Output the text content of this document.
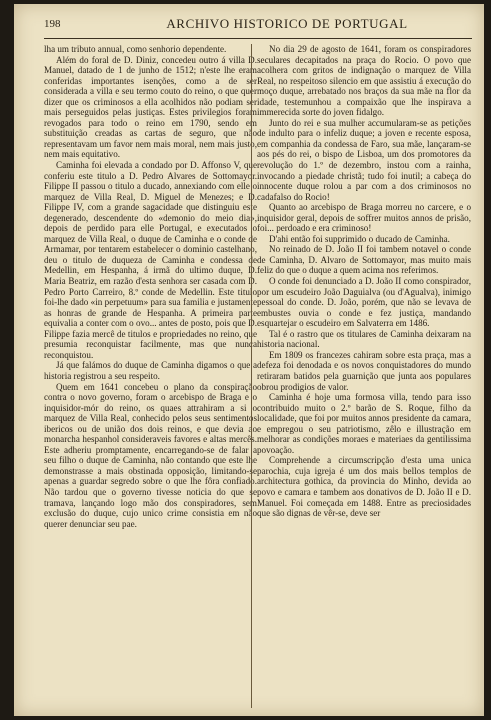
198	ARCHIVO HISTORICO DE PORTUGAL

lha um tributo annual, como senhorio dependente.

Além do foral de D. Diniz, concedeu outro á villa D. Manuel, datado de 1 de junho de 1512; n'este lhe eram conferidas importantes isenções, como a de ser considerada a villa e seu termo couto do reino, o que quer dizer que os criminosos a ella acolhidos não podiam ser mais perseguidos pelas justiças. Estes privilegios foram revogados para todo o reino em 1790, sendo em substituição creadas as cartas de seguro, que não representavam um favor nem mais moral, nem mais justo, nem mais equitativo.

Caminha foi elevada a condado por D. Affonso V, que conferiu este titulo a D. Pedro Alvares de Sottomayor. Filippe II passou o titulo a ducado, annexiando com elle o marquez de Villa Real, D. Miguel de Menezes; e D. Filippe IV, com a grande sagacidade que distinguiu este degenerado, descendente do «demonio do meio dia», depois de perdido para elle Portugal, e executados o marquez de Villa Real, o duque de Caminha e o conde de Armamar, por tentarem estabelecer o dominio castelhano, deu o titulo de duqueza de Caminha e condessa de Medellin, em Hespanha, á irmã do ultimo duque, D. Maria Beatriz, em razão d'esta senhora ser casada com D. Pedro Porto Carreiro, 8.º conde de Medellin. Este titulo foi-lhe dado «in perpetuum» para sua familia e justamente as honras de grande de Hespanha. A primeira parte equivalia a conter com o ovo... antes de posto, pois que D. Filippe fazia mercê de titulos e propriedades no reino, que presumia reconquistar facilmente, mas que nunca reconquistou.

Já que falámos do duque de Caminha digamos o que a historia registrou a seu respeito.

Quem em 1641 concebeu o plano da conspiração contra o novo governo, foram o arcebispo de Braga e o inquisidor-mór do reino, os quaes attrahiram a si o marquez de Villa Real, conhecido pelos seus sentimentos ibericos ou de união dos dois reinos, e que devia ao monarcha hespanhol consideraveis favores e altas mercês. Este adheriu promptamente, encarregando-se de falar a seu filho o duque de Caminha, não contando que este lhe demonstrasse a mais obstinada opposição, limitando-se apenas a guardar segredo sobre o que lhe fôra confiado. Não tardou que o governo tivesse noticia do que se tramava, lançando logo mão dos conspiradores, sem exclusão do duque, cujo unico crime consistia em não querer denunciar seu pae.

No dia 29 de agosto de 1641, foram os conspiradores seculares decapitados na praça do Rocio. O povo que acolhera com gritos de indignação o marquez de Villa Real, no respeitoso silencio em que assistiu á execução do moço duque, arrebatado nos braços da sua mãe na flor da idade, testemunhou a compaixão que lhe inspirava a immerecida sorte do joven fidalgo.

Junto do rei e sua mulher accumularam-se as petições de indulto para o infeliz duque; a joven e recente esposa, em companhia da condessa de Faro, sua mãe, lançaram-se aos pés do rei, o bispo de Lisboa, um dos promotores da revolução do 1.º de dezembro, instou com a rainha, invocando a piedade christã; tudo foi inutil; a cabeça do innocente duque rolou a par com a dos criminosos no cadafalso do Rocio!

Quanto ao arcebispo de Braga morreu no carcere, e o inquisidor geral, depois de soffrer muitos annos de prisão, foi... perdoado e era criminoso!

D'ahi então foi supprimido o ducado de Caminha.

No reinado de D. João II foi tambem notavel o conde de Caminha, D. Alvaro de Sottomayor, mas muito mais feliz do que o duque a quem acima nos referimos.

O conde foi denunciado a D. João II como conspirador, por um escudeiro João Daguialva (ou d'Agualva), inimigo pessoal do conde. D. João, porém, que não se levava de embustes ouvia o conde e fez justiça, mandando esquartejar o escudeiro em Salvaterra em 1486.

Tal é o rastro que os titulares de Caminha deixaram na historia nacional.

Em 1809 os francezes cahiram sobre esta praça, mas a defeza foi denodada e os novos conquistadores do mundo retiraram batidos pela guarnição que junta aos populares obrou prodigios de valor.

Caminha é hoje uma formosa villa, tendo para isso contribuido muito o 2.º barão de S. Roque, filho da localidade, que foi por muitos annos presidente da camara, e empregou o seu patriotismo, zêlo e illustração em melhorar as condições moraes e materiaes da gentilissima povoação.

Comprehende a circumscripção d'esta uma unica parochia, cuja igreja é um dos mais bellos templos de architectura gothica, da provincia do Minho, devida ao povo e camara e tambem aos donativos de D. João II e D. Manuel. Foi começada em 1488. Entre as preciosidades que são dignas de vêr-se, deve ser
